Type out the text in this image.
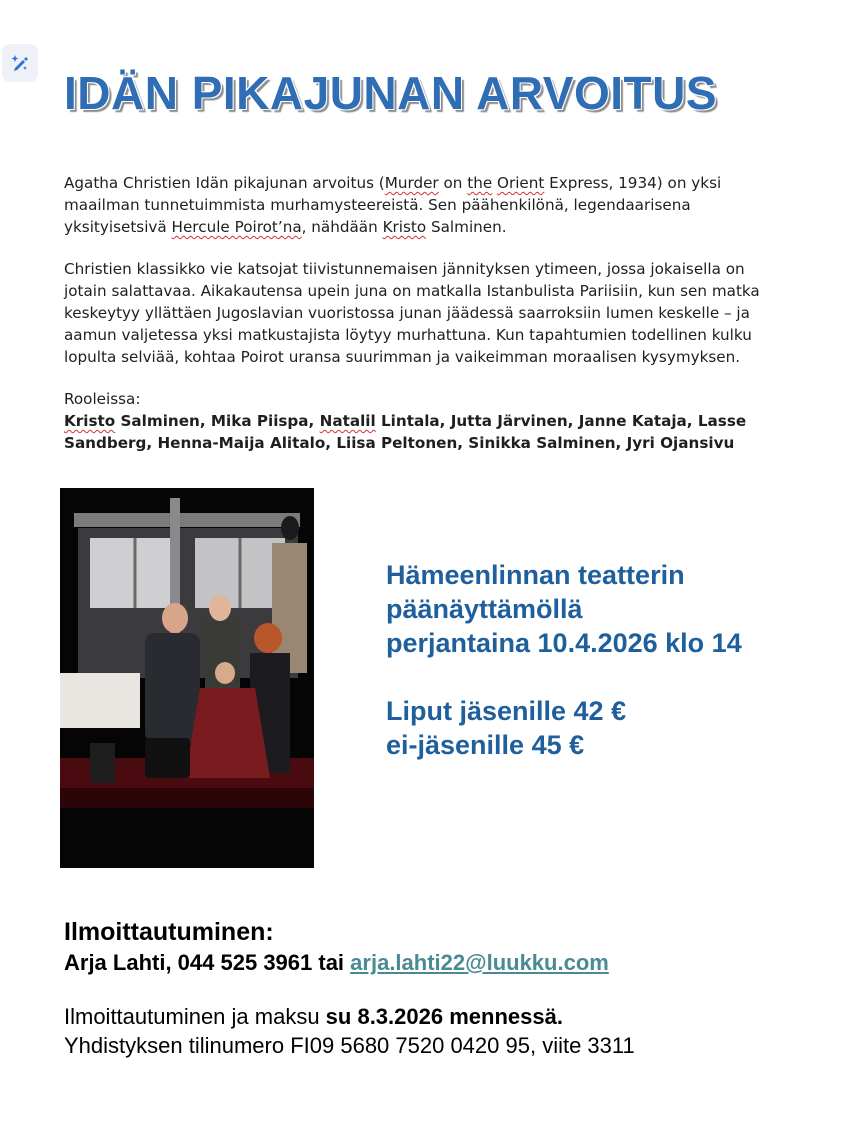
IDÄN PIKAJUNAN ARVOITUS

Agatha Christien Idän pikajunan arvoitus (Murder on the Orient Express, 1934) on yksi maailman tunnetuimmista murhamysteereistä. Sen päähenkilönä, legendaarisena yksityisetsivä Hercule Poirot’na, nähdään Kristo Salminen.

Christien klassikko vie katsojat tiivistunnemaisen jännityksen ytimeen, jossa jokaisella on jotain salattavaa. Aikakautensa upein juna on matkalla Istanbulista Pariisiin, kun sen matka keskeytyy yllättäen Jugoslavian vuoristossa junan jäädessä saarroksiin lumen keskelle – ja aamun valjetessa yksi matkustajista löytyy murhattuna. Kun tapahtumien todellinen kulku lopulta selviää, kohtaa Poirot uransa suurimman ja vaikeimman moraalisen kysymyksen.

Rooleissa:

Kristo Salminen, Mika Piispa, Natalil Lintala, Jutta Järvinen, Janne Kataja, Lasse Sandberg, Henna-Maija Alitalo, Liisa Peltonen, Sinikka Salminen, Jyri Ojansivu

Hämeenlinnan teatterin

päänäyttämöllä

perjantaina 10.4.2026 klo 14

Liput jäsenille 42 €

ei-jäsenille 45 €

Ilmoittautuminen:

Arja Lahti, 044 525 3961 tai arja.lahti22@luukku.com

Ilmoittautuminen ja maksu su 8.3.2026 mennessä.

Yhdistyksen tilinumero FI09 5680 7520 0420 95, viite 3311
